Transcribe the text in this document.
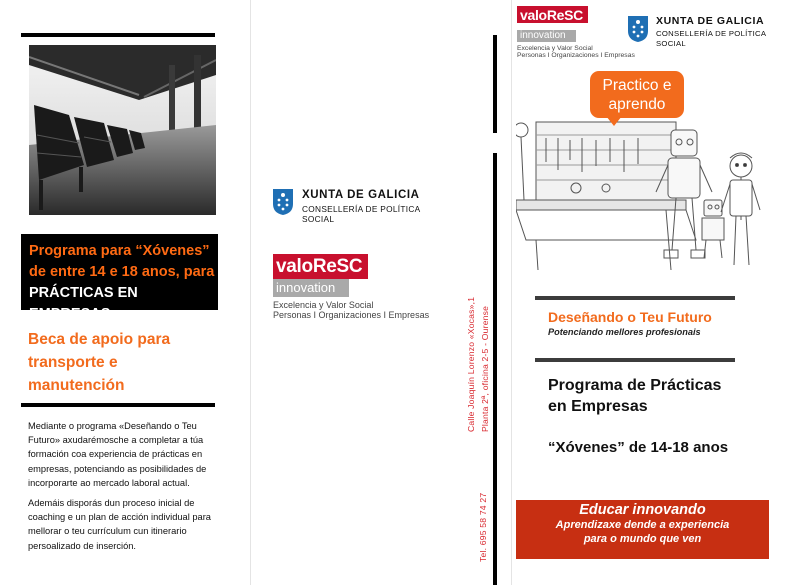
Programa para “Xóvenes”
de entre 14 e 18 anos, para
PRÁCTICAS EN EMPRESAS
Beca de apoio para
transporte e
manutención
Mediante o programa «Deseñando o Teu Futuro» axudarémosche a completar a túa formación coa experiencia de prácticas en empresas, potenciando as posibilidades de incorporarte ao mercado laboral actual.
Ademáis disporás dun proceso inicial de coaching e un plan de acción individual para mellorar o teu currículum cun itinerario persoalizado de inserción.
XUNTA DE GALICIA
CONSELLERÍA DE POLÍTICA
SOCIAL
valoReSC
innovation
Excelencia y Valor Social
Personas I Organizaciones I Empresas	Calle Joaquín Lorenzo «Xocas»,1 Planta 2ª, oficina 2-5 - Ourense
Tel. 695 58 74 27
valoReSC
innovation
Excelencia y Valor Social
Personas I Organizaciones I Empresas
XUNTA DE GALICIA
CONSELLERÍA DE POLÍTICA
SOCIAL
Practico e
aprendo
Deseñando o Teu Futuro
Potenciando mellores profesionais
Programa de Prácticas
en Empresas
“Xóvenes” de 14-18 anos
Educar innovando
Aprendizaxe dende a experiencia
para o mundo que ven
